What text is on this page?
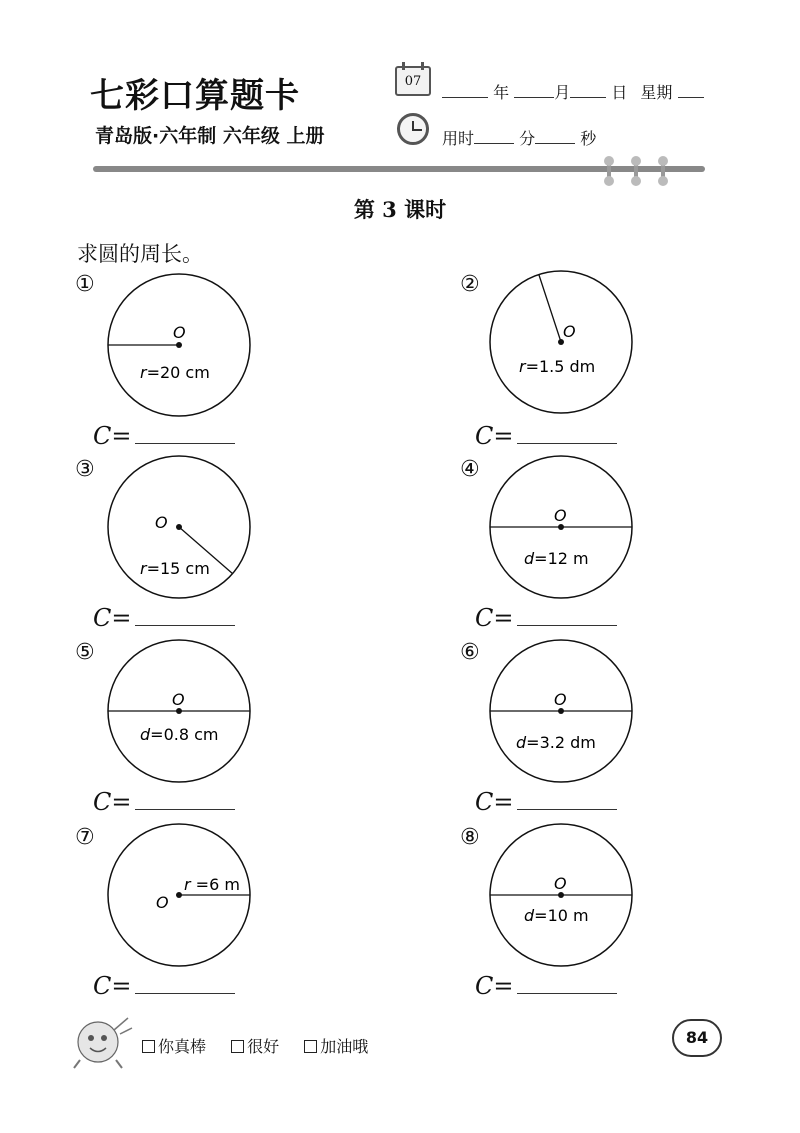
七彩口算题卡
青岛版·六年制 六年级 上册
07
年	月	日 星期
用时	分	秒
第 3 课时
求圆的周长。
①
O
r=20 cm
C=
②
O
r=1.5 dm
C=
③
O
r=15 cm
C=
④
O
d=12 m
C=
⑤
O
d=0.8 cm
C=
⑥
O
d=3.2 dm
C=
⑦
O
r =6 m
C=
⑧
O
d=10 m
C=
你真棒	很好	加油哦	84
